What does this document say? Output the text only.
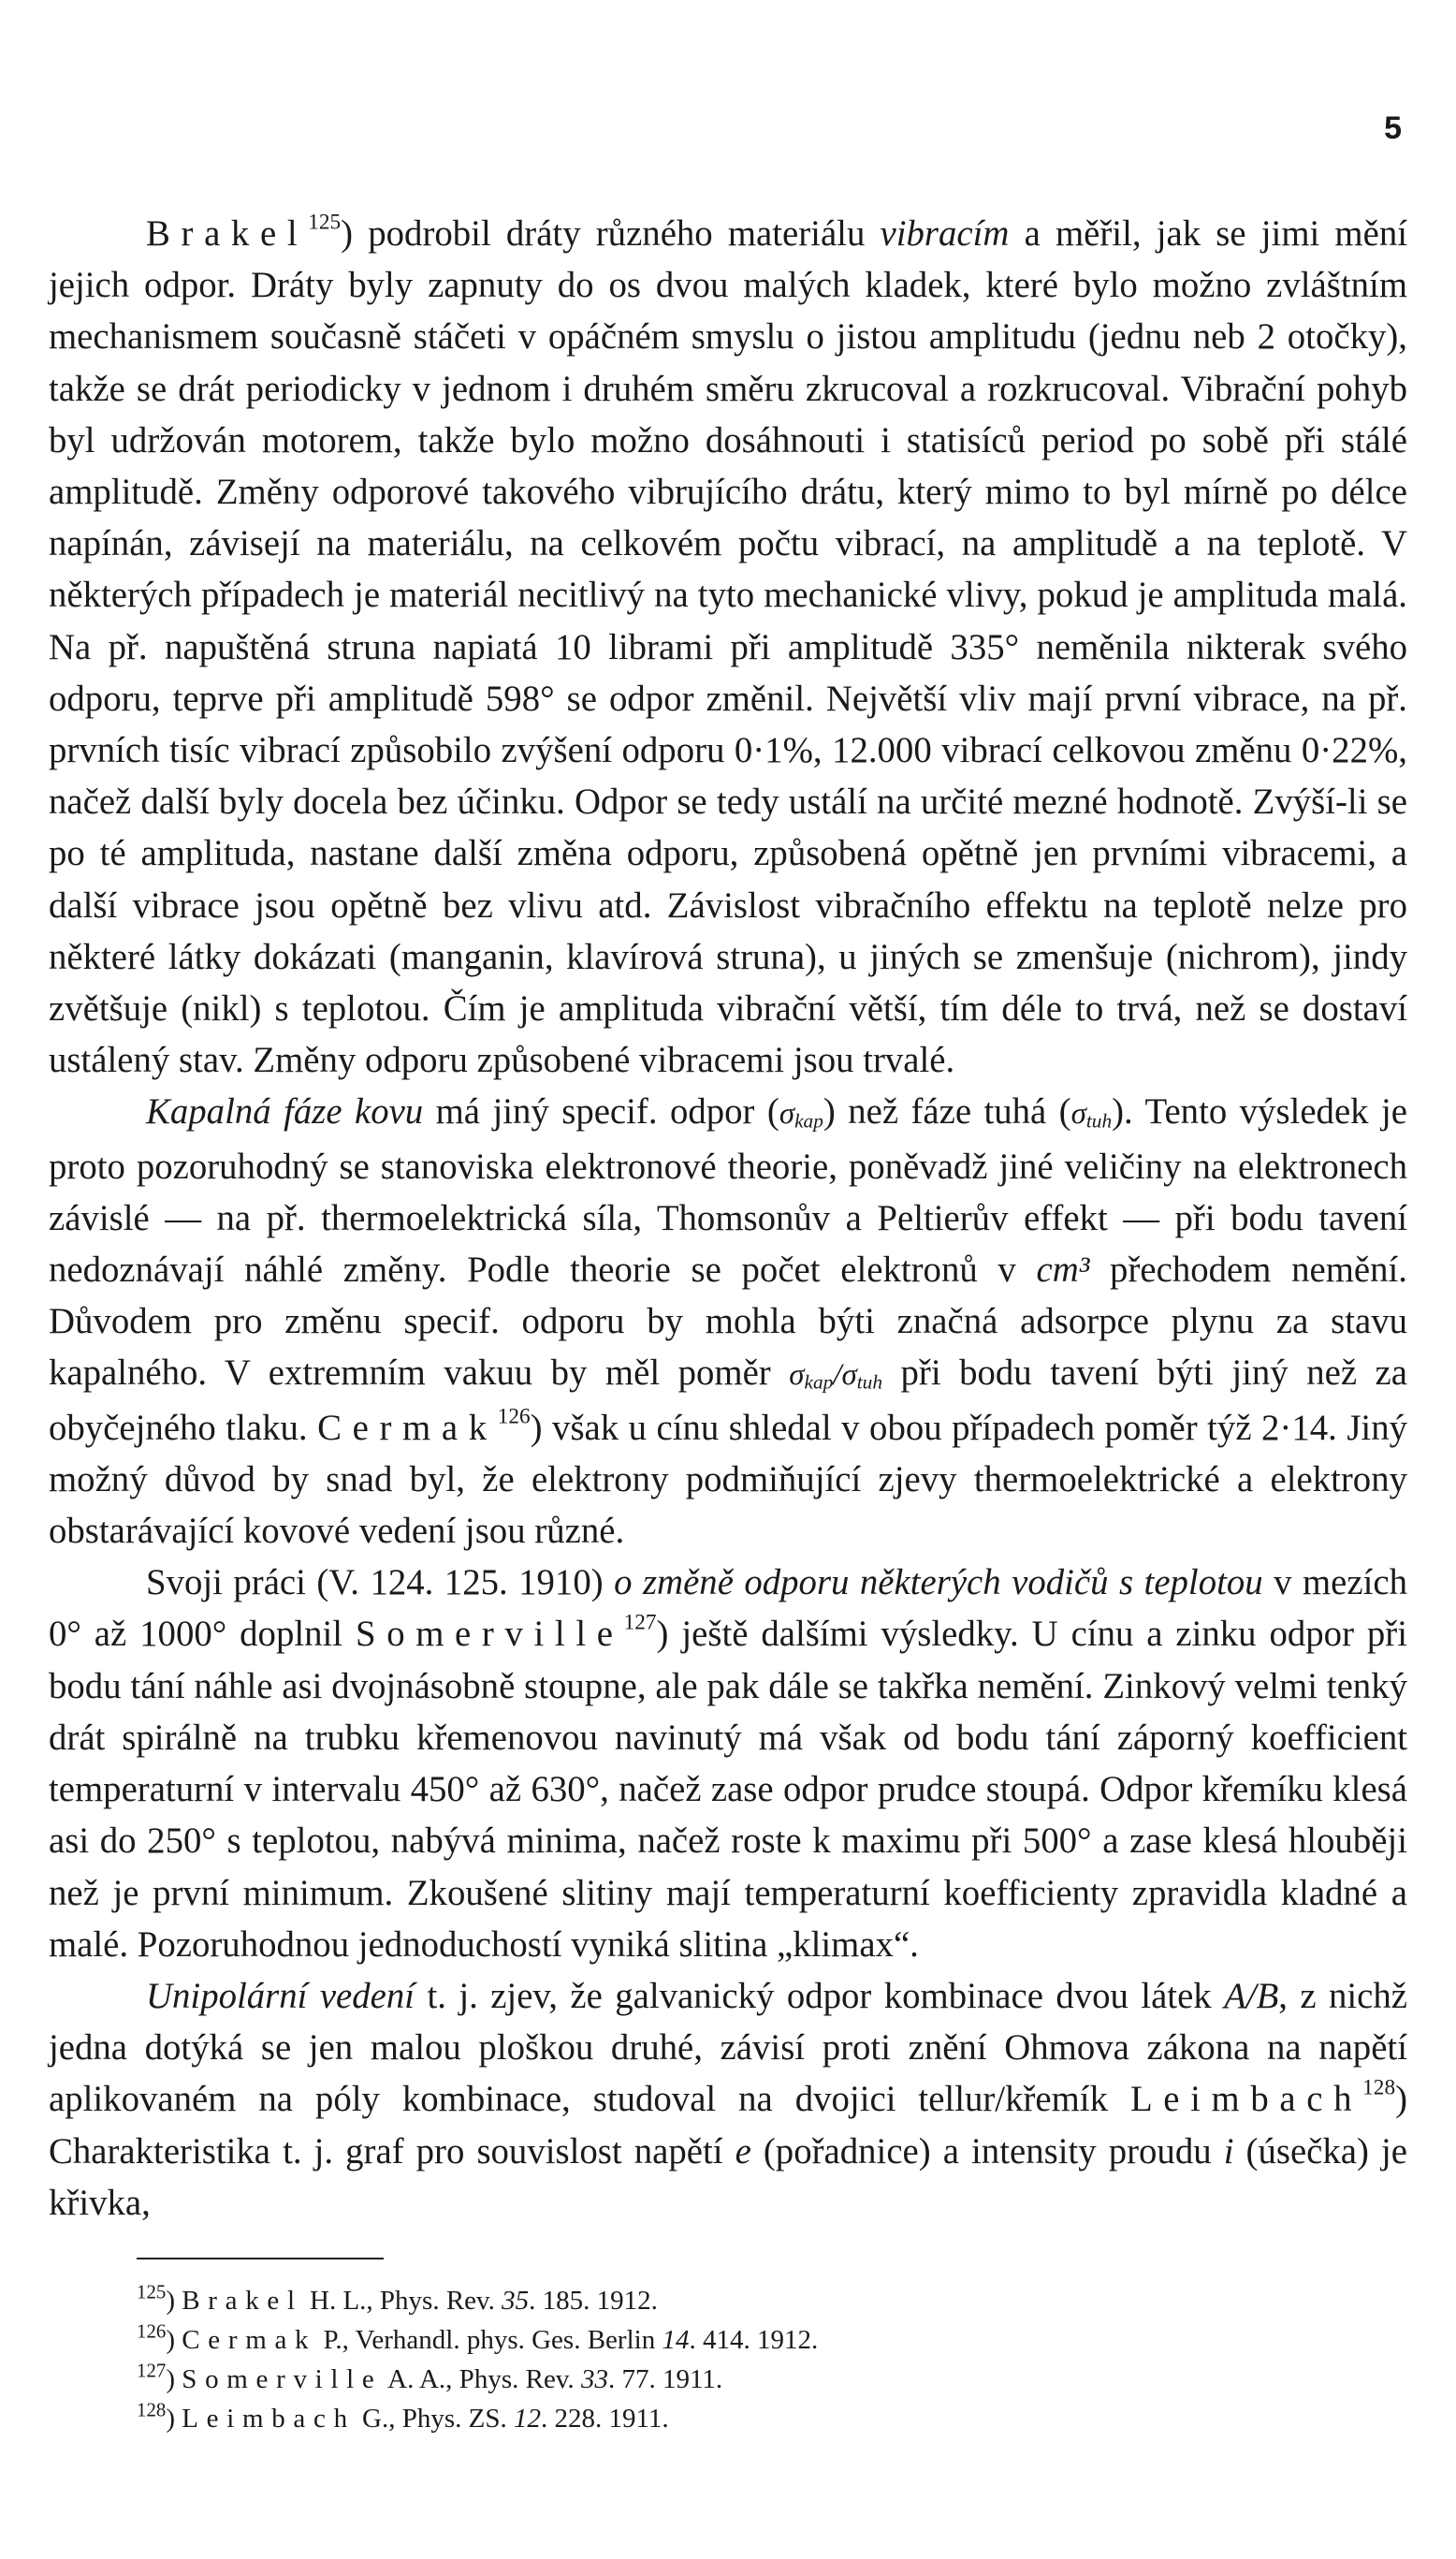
5

Brakel$^{125}$) podrobil dráty různého materiálu vibracím a měřil, jak se jimi mění jejich odpor. Dráty byly zapnuty do os dvou malých kladek, které bylo možno zvláštním mechanismem současně stáčeti v opáčném smyslu o jistou amplitudu (jednu neb 2 otočky), takže se drát periodicky v jednom i druhém směru zkrucoval a rozkrucoval. Vibrační pohyb byl udržován motorem, takže bylo možno dosáhnouti i statisíců period po sobě při stálé amplitudě. Změny odporové takového vibrujícího drátu, který mimo to byl mírně po délce napínán, závisejí na materiálu, na celkovém počtu vibrací, na amplitudě a na teplotě. V některých případech je materiál necitlivý na tyto mechanické vlivy, pokud je amplituda malá. Na př. napuštěná struna napiatá 10 librami při amplitudě 335° neměnila nikterak svého odporu, teprve při amplitudě 598° se odpor změnil. Největší vliv mají první vibrace, na př. prvních tisíc vibrací způsobilo zvýšení odporu 0·1%, 12.000 vibrací celkovou změnu 0·22%, načež další byly docela bez účinku. Odpor se tedy ustálí na určité mezné hodnotě. Zvýší-li se po té amplituda, nastane další změna odporu, způsobená opětně jen prvními vibracemi, a další vibrace jsou opětně bez vlivu atd. Závislost vibračního effektu na teplotě nelze pro některé látky dokázati (manganin, klavírová struna), u jiných se zmenšuje (nichrom), jindy zvětšuje (nikl) s teplotou. Čím je amplituda vibrační větší, tím déle to trvá, než se dostaví ustálený stav. Změny odporu způsobené vibracemi jsou trvalé.

Kapalná fáze kovu má jiný specif. odpor $(\sigma_{kap})$ než fáze tuhá $(\sigma_{tuh})$. Tento výsledek je proto pozoruhodný se stanoviska elektronové theorie, poněvadž jiné veličiny na elektronech závislé — na př. thermoelektrická síla, Thomsonův a Peltierův effekt — při bodu tavení nedoznávají náhlé změny. Podle theorie se počet elektronů v cm³ přechodem nemění. Důvodem pro změnu specif. odporu by mohla býti značná adsorpce plynu za stavu kapalného. V extremním vakuu by měl poměr $\sigma_{kap}/\sigma_{tuh}$ při bodu tavení býti jiný než za obyčejného tlaku. Cermak$^{126}$) však u cínu shledal v obou případech poměr týž 2·14. Jiný možný důvod by snad byl, že elektrony podmiňující zjevy thermoelektrické a elektrony obstarávající kovové vedení jsou různé.

Svoji práci (V. 124. 125. 1910) o změně odporu některých vodičů s teplotou v mezích 0° až 1000° doplnil Somerville$^{127}$) ještě dalšími výsledky. U cínu a zinku odpor při bodu tání náhle asi dvojnásobně stoupne, ale pak dále se takřka nemění. Zinkový velmi tenký drát spirálně na trubku křemenovou navinutý má však od bodu tání záporný koefficient temperaturní v intervalu 450° až 630°, načež zase odpor prudce stoupá. Odpor křemíku klesá asi do 250° s teplotou, nabývá minima, načež roste k maximu při 500° a zase klesá hlouběji než je první minimum. Zkoušené slitiny mají temperaturní koefficienty zpravidla kladné a malé. Pozoruhodnou jednoduchostí vyniká slitina „klimax“.

Unipolární vedení t. j. zjev, že galvanický odpor kombinace dvou látek A/B, z nichž jedna dotýká se jen malou ploškou druhé, závisí proti znění Ohmova zákona na napětí aplikovaném na póly kombinace, studoval na dvojici tellur/křemík Leimbach$^{128}$) Charakteristika t. j. graf pro souvislost napětí e (pořadnice) a intensity proudu i (úsečka) je křivka,

$^{125}$) Brakel H. L., Phys. Rev. 35. 185. 1912.
$^{126}$) Cermak P., Verhandl. phys. Ges. Berlin 14. 414. 1912.
$^{127}$) Somerville A. A., Phys. Rev. 33. 77. 1911.
$^{128}$) Leimbach G., Phys. ZS. 12. 228. 1911.
